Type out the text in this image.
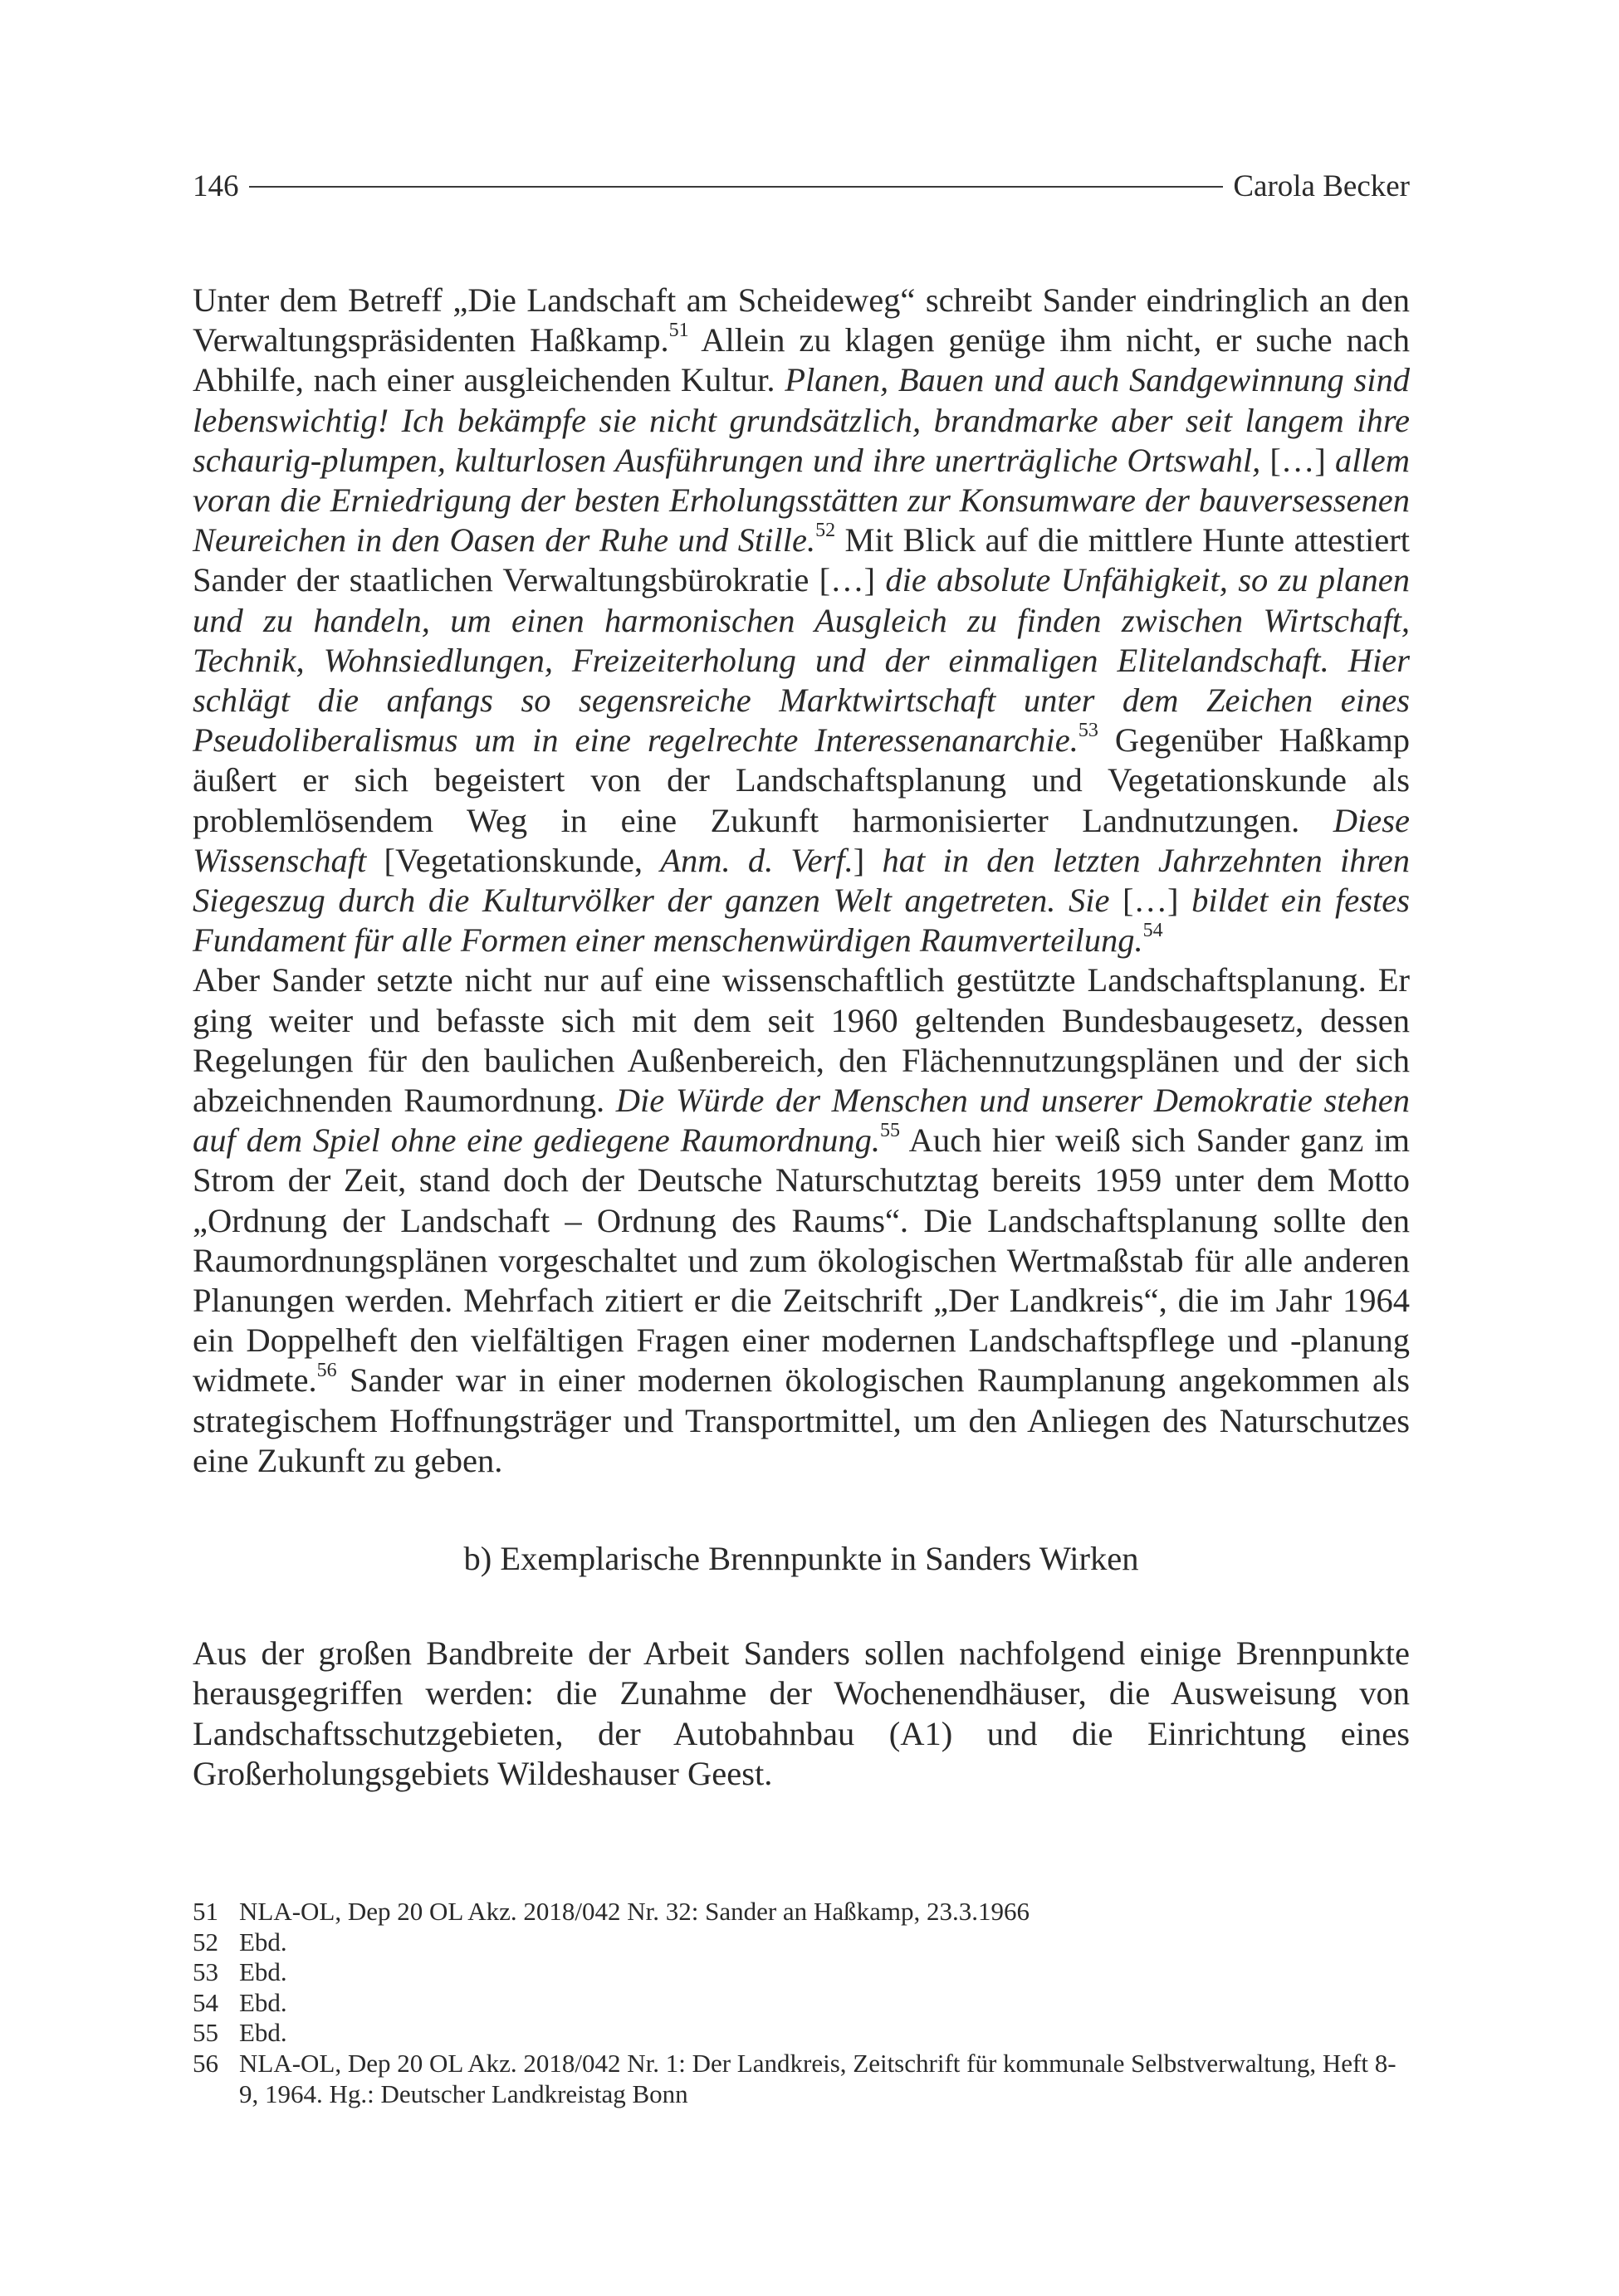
146	Carola Becker

Unter dem Betreff „Die Landschaft am Scheideweg“ schreibt Sander eindringlich an den Verwaltungspräsidenten Haßkamp.$^{51}$ Allein zu klagen genüge ihm nicht, er suche nach Abhilfe, nach einer ausgleichenden Kultur. Planen, Bauen und auch Sandgewinnung sind lebenswichtig! Ich bekämpfe sie nicht grundsätzlich, brandmarke aber seit langem ihre schaurig-plumpen, kulturlosen Ausführungen und ihre unerträgliche Ortswahl, […] allem voran die Erniedrigung der besten Erholungsstätten zur Konsumware der bauversessenen Neureichen in den Oasen der Ruhe und Stille.$^{52}$ Mit Blick auf die mittlere Hunte attestiert Sander der staatlichen Verwaltungsbürokratie […] die absolute Unfähigkeit, so zu planen und zu handeln, um einen harmonischen Ausgleich zu finden zwischen Wirtschaft, Technik, Wohnsiedlungen, Freizeiterholung und der einmaligen Elitelandschaft. Hier schlägt die anfangs so segensreiche Marktwirtschaft unter dem Zeichen eines Pseudoliberalismus um in eine regelrechte Interessenanarchie.$^{53}$ Gegenüber Haßkamp äußert er sich begeistert von der Landschaftsplanung und Vegetationskunde als problemlösendem Weg in eine Zukunft harmonisierter Landnutzungen. Diese Wissenschaft [Vegetationskunde, Anm. d. Verf.] hat in den letzten Jahrzehnten ihren Siegeszug durch die Kulturvölker der ganzen Welt angetreten. Sie […] bildet ein festes Fundament für alle Formen einer menschenwürdigen Raumverteilung.$^{54}$

Aber Sander setzte nicht nur auf eine wissenschaftlich gestützte Landschaftsplanung. Er ging weiter und befasste sich mit dem seit 1960 geltenden Bundesbaugesetz, dessen Regelungen für den baulichen Außenbereich, den Flächennutzungsplänen und der sich abzeichnenden Raumordnung. Die Würde der Menschen und unserer Demokratie stehen auf dem Spiel ohne eine gediegene Raumordnung.$^{55}$ Auch hier weiß sich Sander ganz im Strom der Zeit, stand doch der Deutsche Naturschutztag bereits 1959 unter dem Motto „Ordnung der Landschaft – Ordnung des Raums“. Die Landschaftsplanung sollte den Raumordnungsplänen vorgeschaltet und zum ökologischen Wertmaßstab für alle anderen Planungen werden. Mehrfach zitiert er die Zeitschrift „Der Landkreis“, die im Jahr 1964 ein Doppelheft den vielfältigen Fragen einer modernen Landschaftspflege und -planung widmete.$^{56}$ Sander war in einer modernen ökologischen Raumplanung angekommen als strategischem Hoffnungsträger und Transportmittel, um den Anliegen des Naturschutzes eine Zukunft zu geben.

b) Exemplarische Brennpunkte in Sanders Wirken

Aus der großen Bandbreite der Arbeit Sanders sollen nachfolgend einige Brennpunkte herausgegriffen werden: die Zunahme der Wochenendhäuser, die Ausweisung von Landschaftsschutzgebieten, der Autobahnbau (A1) und die Einrichtung eines Großerholungsgebiets Wildeshauser Geest.

51 NLA-OL, Dep 20 OL Akz. 2018/042 Nr. 32: Sander an Haßkamp, 23.3.1966
52 Ebd.
53 Ebd.
54 Ebd.
55 Ebd.
56 NLA-OL, Dep 20 OL Akz. 2018/042 Nr. 1: Der Landkreis, Zeitschrift für kommunale Selbstverwaltung, Heft 8-9, 1964. Hg.: Deutscher Landkreistag Bonn
